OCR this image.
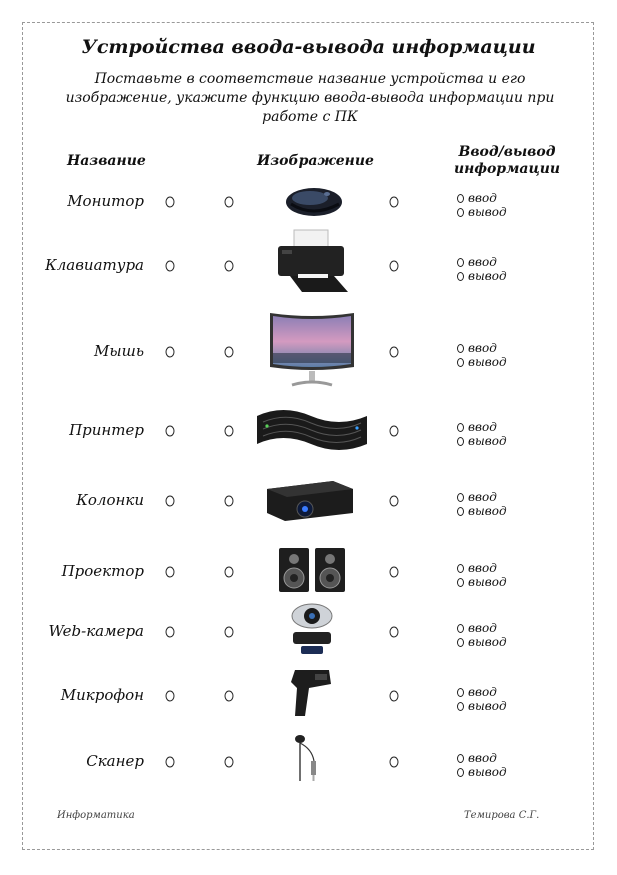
Устройства ввода-вывода информации
Поставьте в соответствие название устройства и его изображение, укажите функцию ввода-вывода информации при работе с ПК
Название	Изображение
Ввод/вывод
информации
Монитор	ввод
вывод
Клавиатура	ввод
вывод
Мышь	ввод
вывод
Принтер	ввод
вывод
Колонки	ввод
вывод
Проектор	ввод
вывод
Web-камера	ввод
вывод
Микрофон	ввод
вывод
Сканер	ввод
вывод
Информатика	Темирова С.Г.
